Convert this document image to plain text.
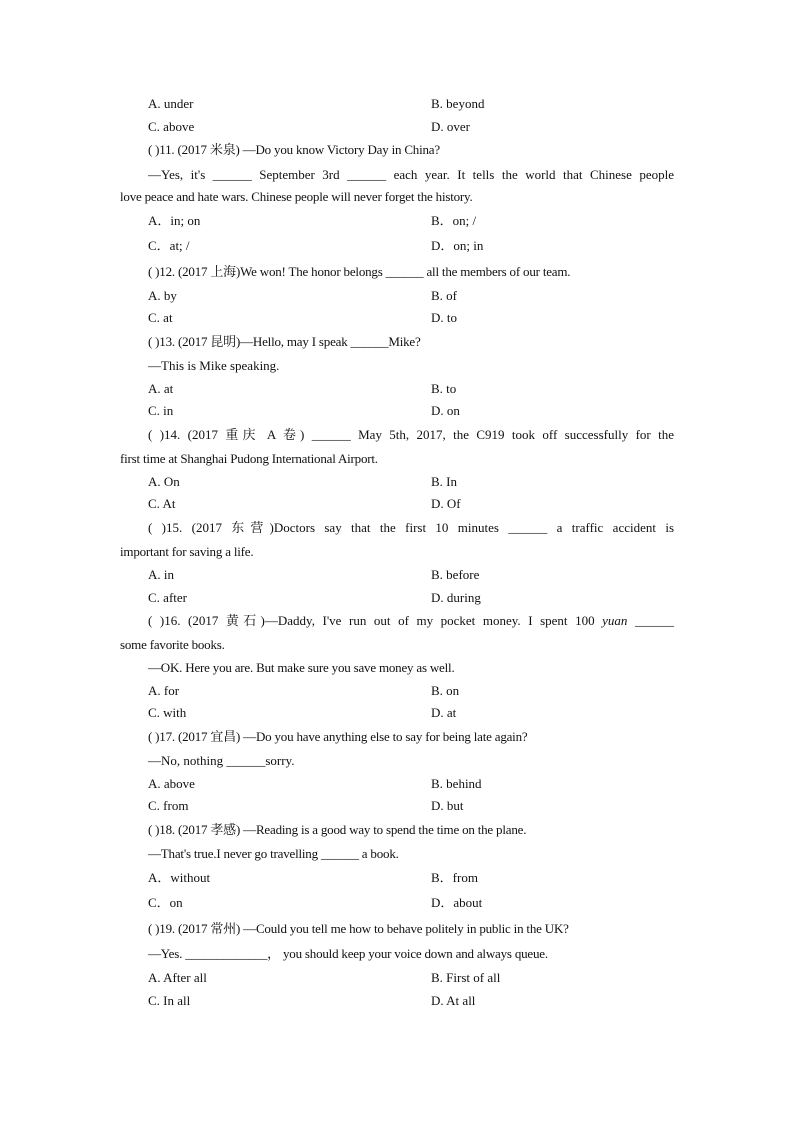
A. under	B. beyond
C. above	D. over
( )11. (2017 米泉) —Do you know Victory Day in China?
—Yes, it's ______ September 3rd ______ each year. It tells the world that Chinese people
love peace and hate wars. Chinese people will never forget the history.
A．in; on	B．on; /
C．at; /	D．on; in
( )12. (2017 上海)We won! The honor belongs ______ all the members of our team.
A. by	B. of
C. at	D. to
( )13. (2017 昆明)—Hello, may I speak ______Mike?
—This is Mike speaking.
A. at	B. to
C. in	D. on
( )14. (2017 重庆 A 卷) ______ May 5th, 2017, the C919 took off successfully for the
first time at Shanghai Pudong International Airport.
A. On	B. In
C. At	D. Of
( )15. (2017 东营)Doctors say that the first 10 minutes ______ a traffic accident is
important for saving a life.
A. in	B. before
C. after	D. during
( )16. (2017 黄石)—Daddy, I've run out of my pocket money. I spent 100 yuan ______
some favorite books.
—OK. Here you are. But make sure you save money as well.
A. for	B. on
C. with	D. at
( )17. (2017 宜昌) —Do you have anything else to say for being late again?
—No, nothing ______sorry.
A. above	B. behind
C. from	D. but
( )18. (2017 孝感) —Reading is a good way to spend the time on the plane.
—That's true.I never go travelling ______ a book.
A．without	B．from
C．on	D．about
( )19. (2017 常州) —Could you tell me how to behave politely in public in the UK?
—Yes. _____________， you should keep your voice down and always queue.
A. After all	B. First of all
C. In all	D. At all
